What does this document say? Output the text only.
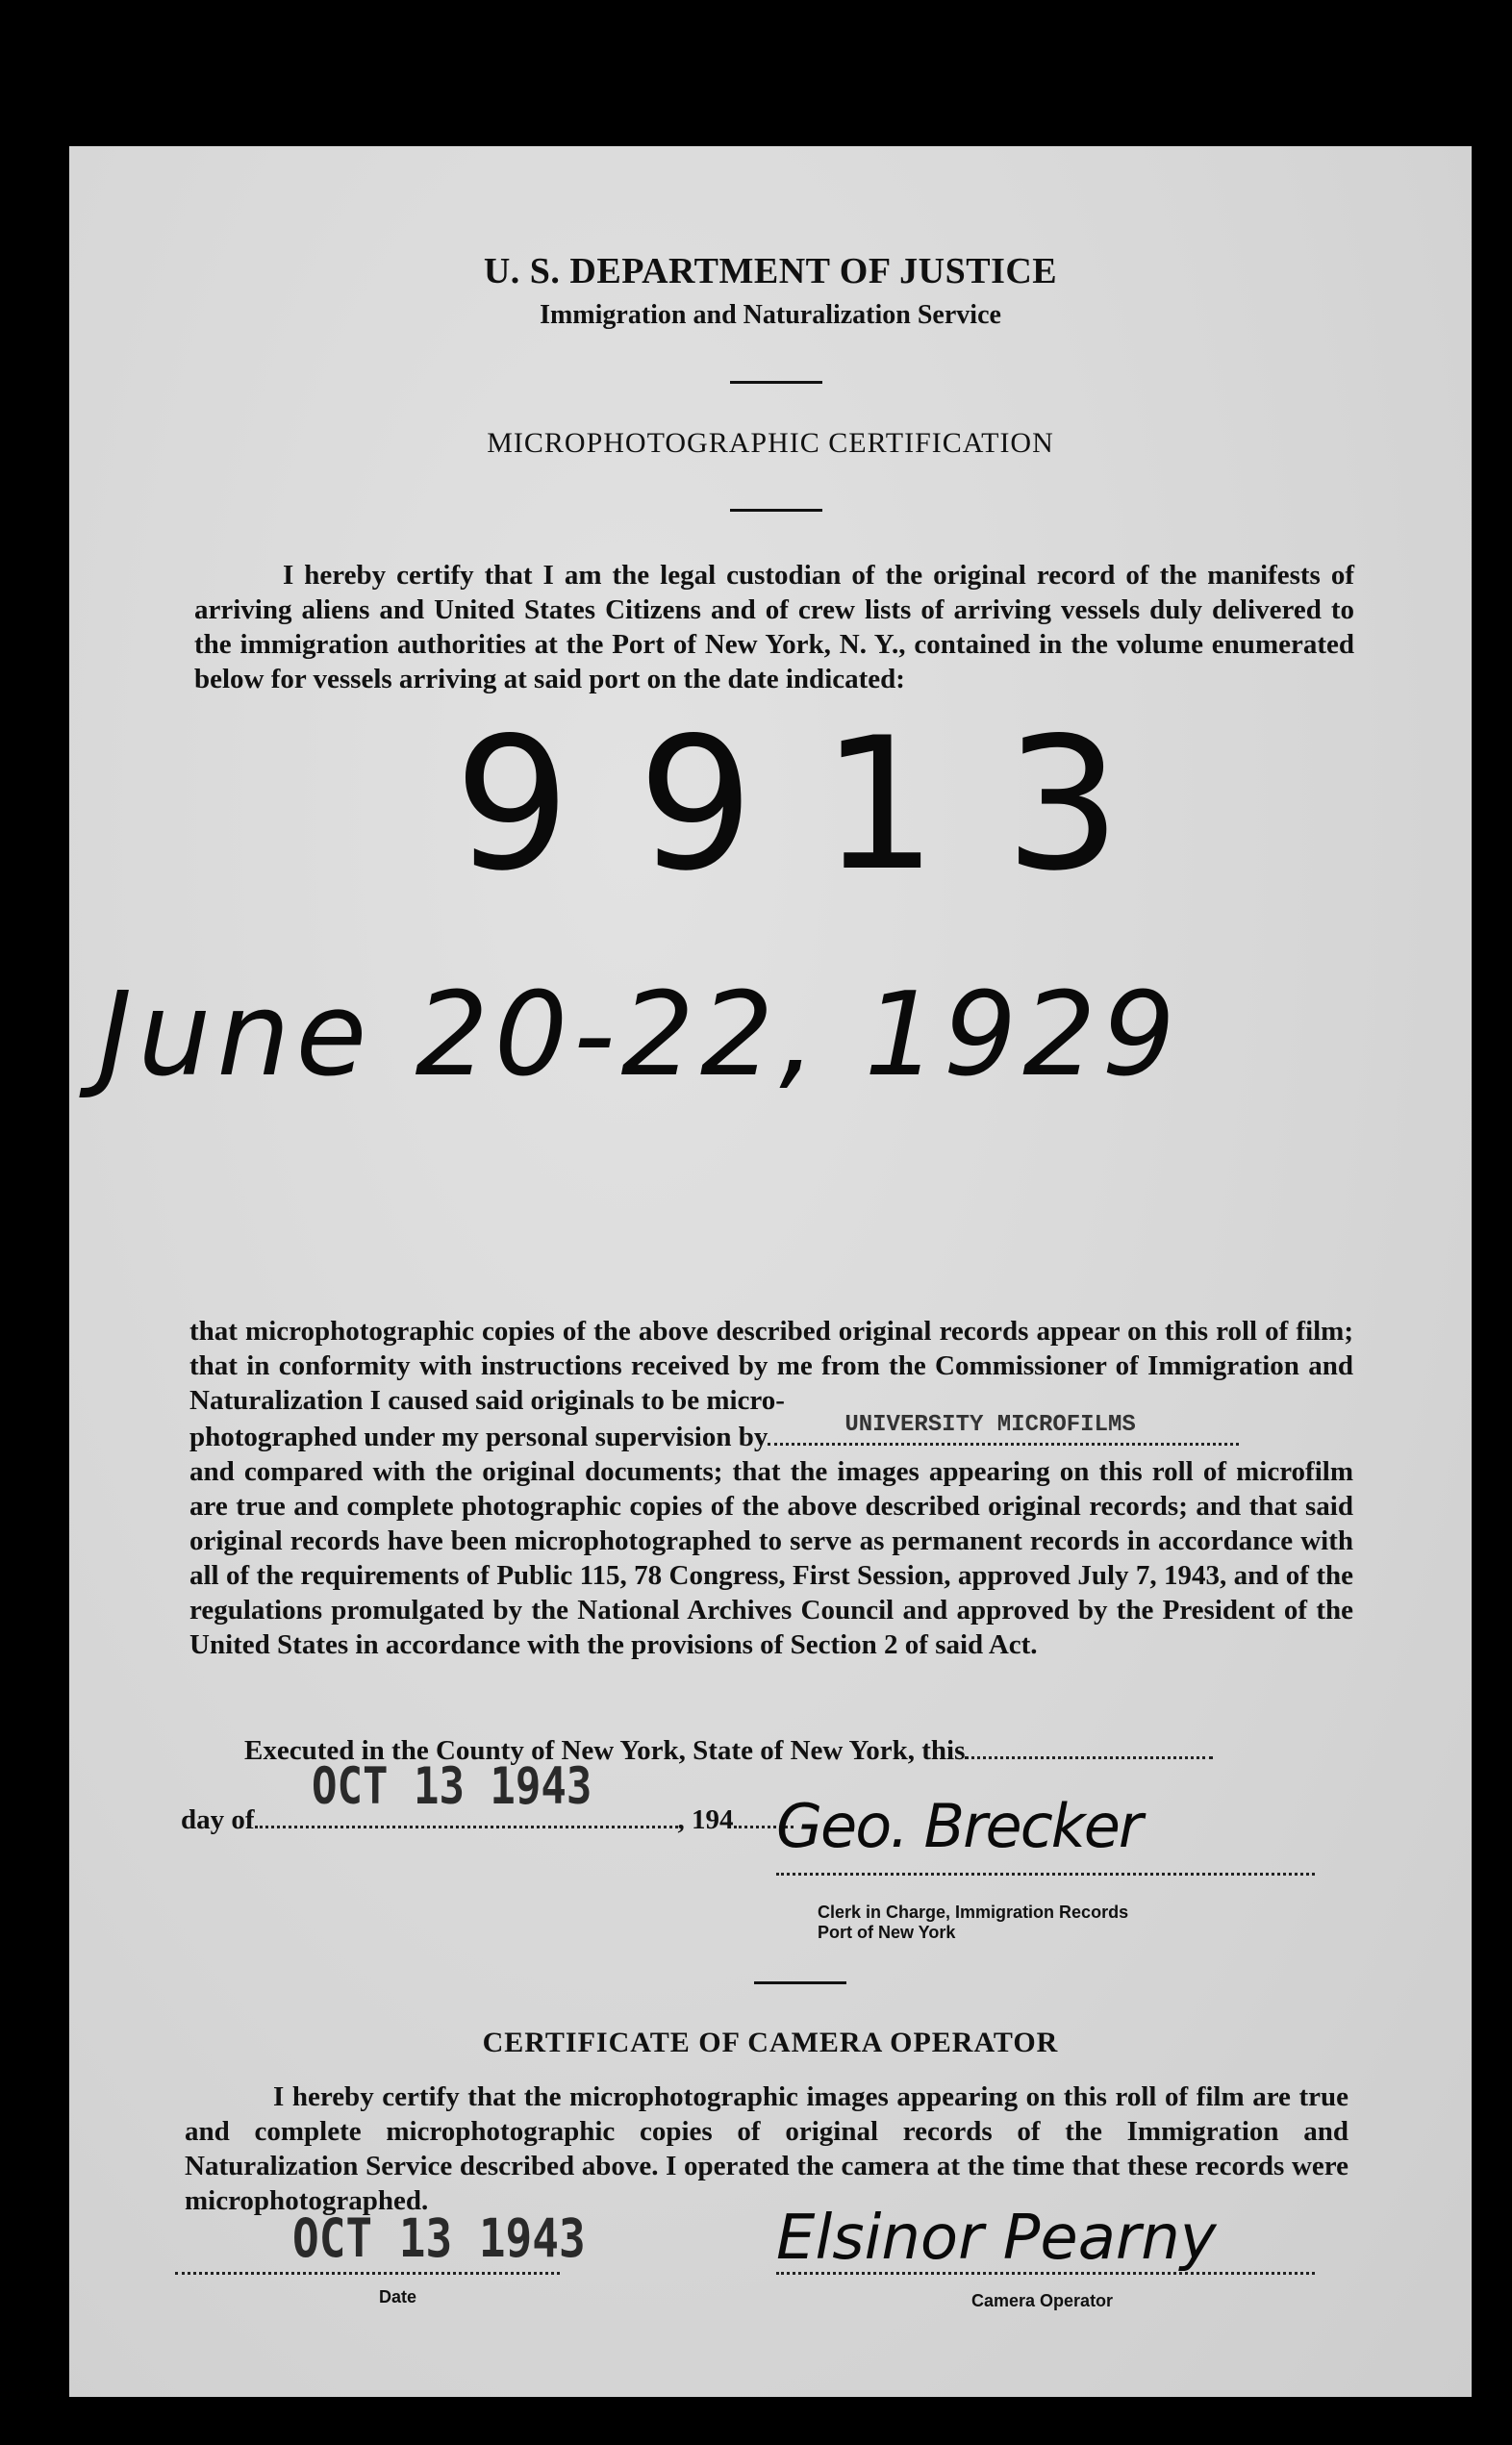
U. S. DEPARTMENT OF JUSTICE
Immigration and Naturalization Service
MICROPHOTOGRAPHIC CERTIFICATION

I hereby certify that I am the legal custodian of the original record of the manifests of arriving aliens and United States Citizens and of crew lists of arriving vessels duly delivered to the immigration authorities at the Port of New York, N. Y., contained in the volume enumerated below for vessels arriving at said port on the date indicated:

9913
June 20-22, 1929

that microphotographic copies of the above described original records appear on this roll of film; that in conformity with instructions received by me from the Commissioner of Immigration and Naturalization I caused said originals to be micro-

photographed under my personal supervision by	UNIVERSITY MICROFILMS

and compared with the original documents; that the images appearing on this roll of microfilm are true and complete photographic copies of the above described original records; and that said original records have been microphotographed to serve as permanent records in accordance with all of the requirements of Public 115, 78 Congress, First Session, approved July 7, 1943, and of the regulations promulgated by the National Archives Council and approved by the President of the United States in accordance with the provisions of Section 2 of said Act.

Executed in the County of New York, State of New York, this
day of	, 194
OCT 13 1943
Geo. Brecker
Clerk in Charge, Immigration Records
Port of New York
CERTIFICATE OF CAMERA OPERATOR

I hereby certify that the microphotographic images appearing on this roll of film are true and complete microphotographic copies of original records of the Immigration and Naturalization Service described above. I operated the camera at the time that these records were microphotographed.

OCT 13 1943
Date
Elsinor Pearny
Camera Operator
